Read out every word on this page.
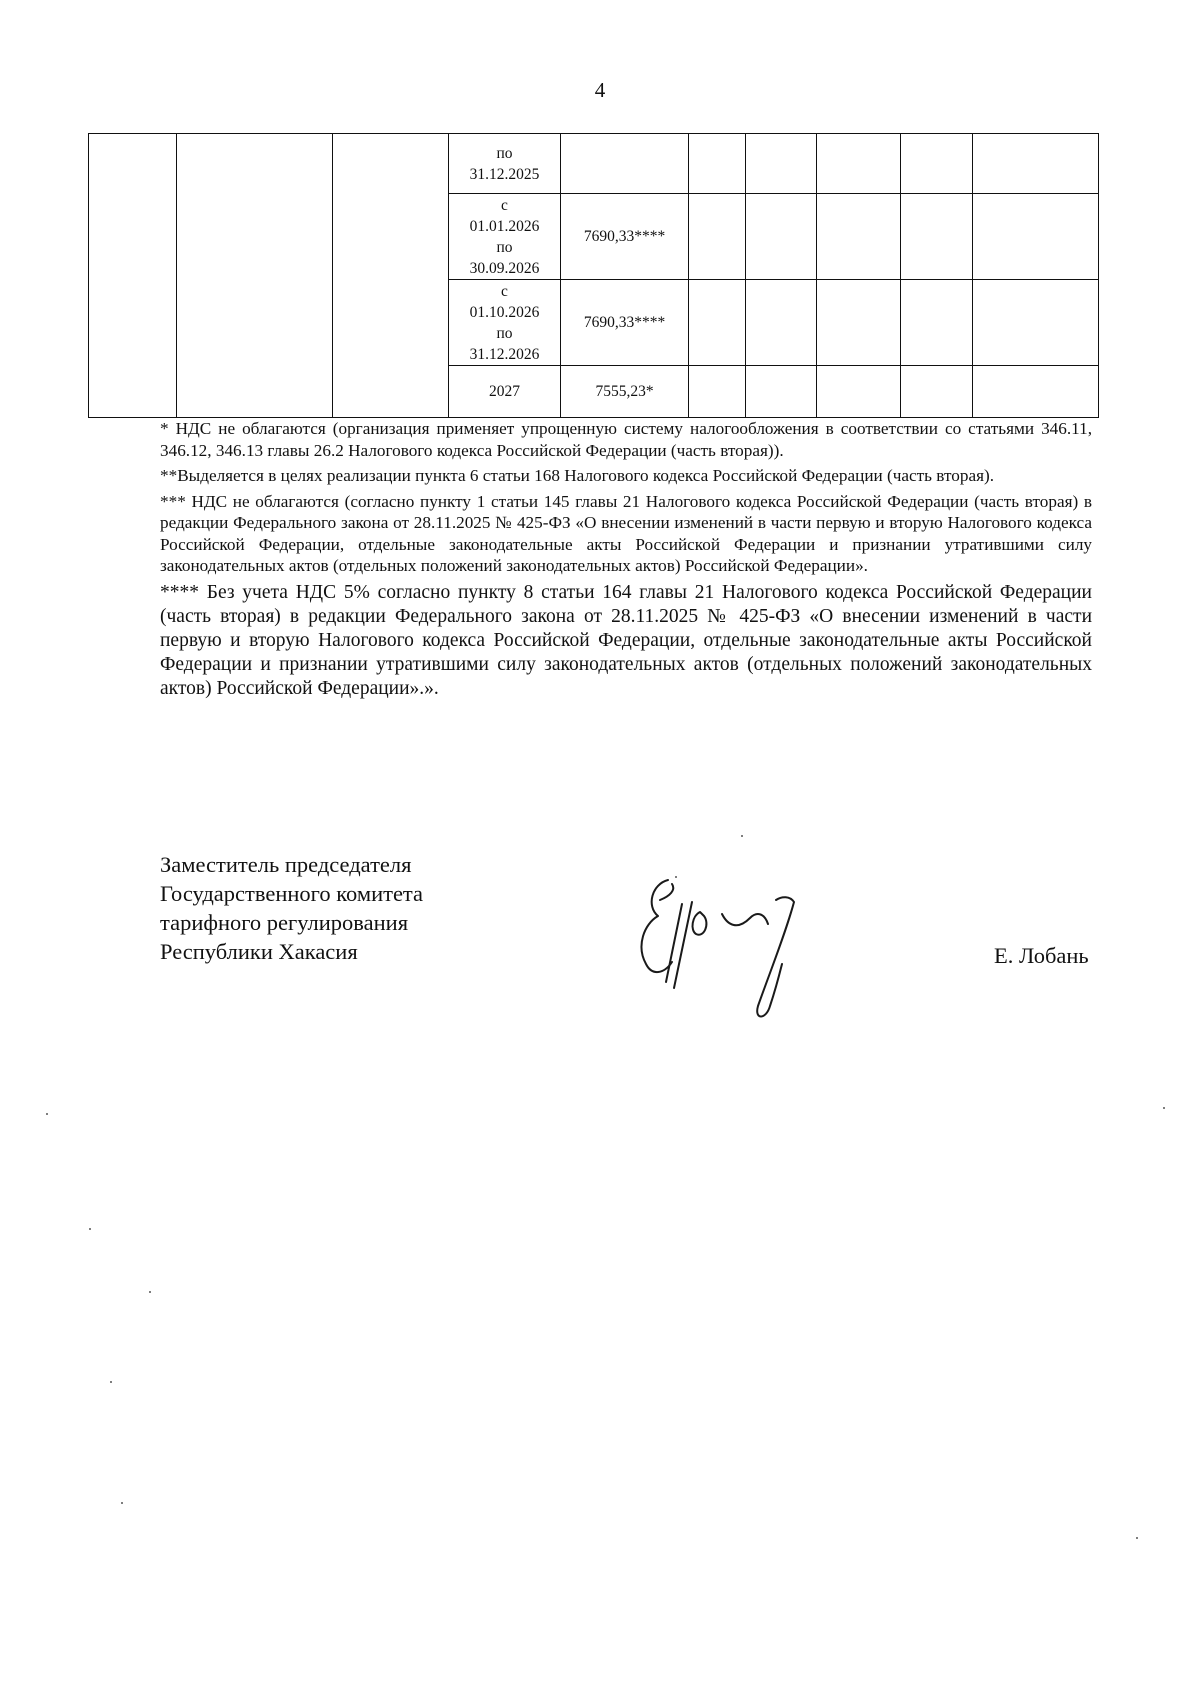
4

			по
31.12.2025						

			с
01.01.2026
по
30.09.2026	7690,33****					

			с
01.10.2026
по
31.12.2026	7690,33****					

			2027	7555,23*					

* НДС не облагаются (организация применяет упрощенную систему налогообложения в соответствии со статьями 346.11, 346.12, 346.13 главы 26.2 Налогового кодекса Российской Федерации (часть вторая)).

**Выделяется в целях реализации пункта 6 статьи 168 Налогового кодекса Российской Федерации (часть вторая).

*** НДС не облагаются (согласно пункту 1 статьи 145 главы 21 Налогового кодекса Российской Федерации (часть вторая) в редакции Федерального закона от 28.11.2025 № 425-ФЗ «О внесении изменений в части первую и вторую Налогового кодекса Российской Федерации, отдельные законодательные акты Российской Федерации и признании утратившими силу законодательных актов (отдельных положений законодательных актов) Российской Федерации».

**** Без учета НДС 5% согласно пункту 8 статьи 164 главы 21 Налогового кодекса Российской Федерации (часть вторая) в редакции Федерального закона от 28.11.2025 № 425-ФЗ «О внесении изменений в части первую и вторую Налогового кодекса Российской Федерации, отдельные законодательные акты Российской Федерации и признании утратившими силу законодательных актов (отдельных положений законодательных актов) Российской Федерации».».

Заместитель председателя
Государственного комитета
тарифного регулирования
Республики Хакасия	Е. Лобань
